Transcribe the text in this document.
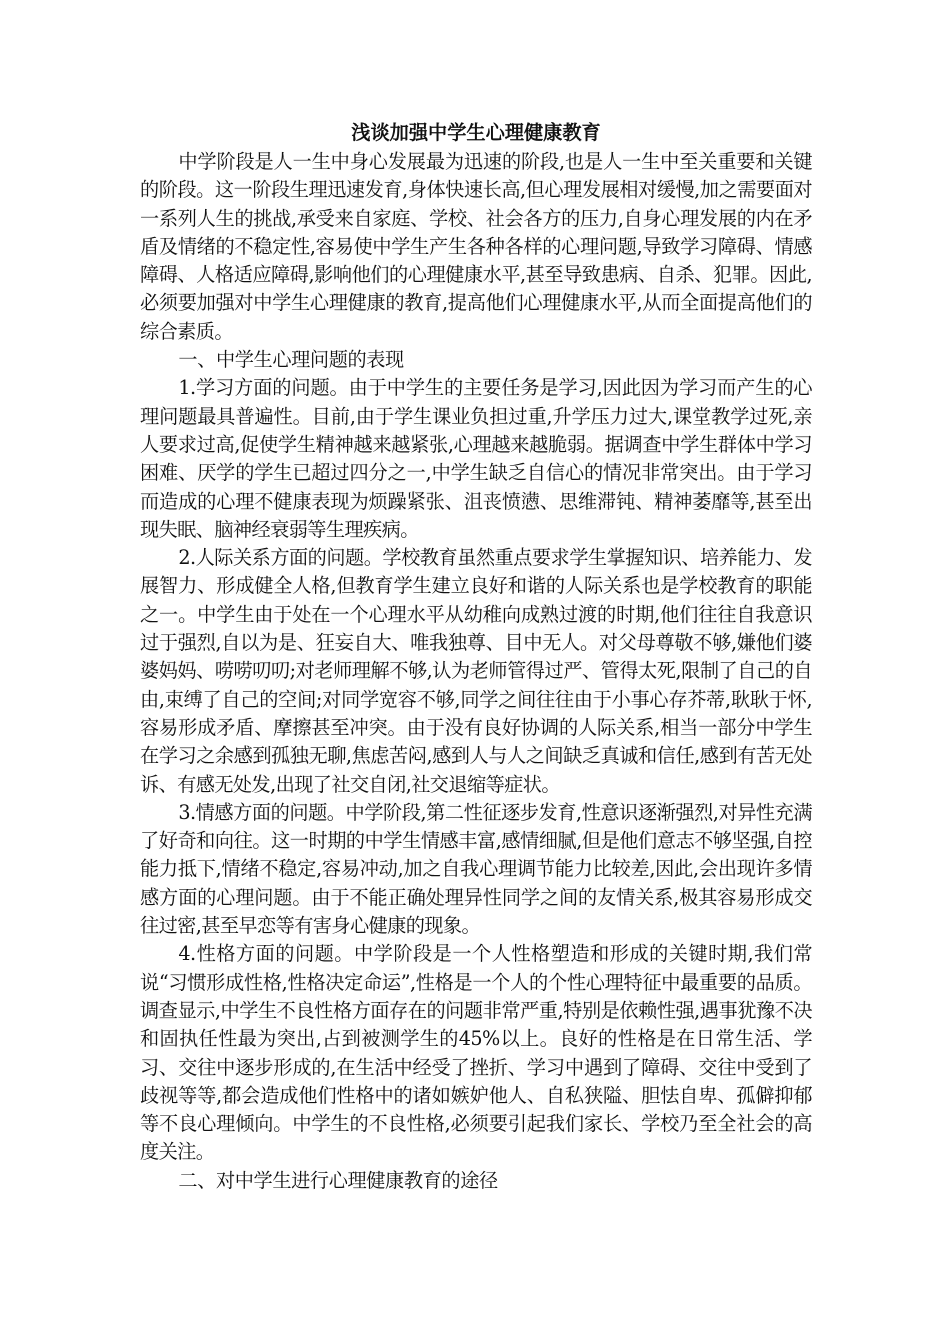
浅谈加强中学生心理健康教育

中学阶段是人一生中身心发展最为迅速的阶段,也是人一生中至关重要和关键的阶段。这一阶段生理迅速发育,身体快速长高,但心理发展相对缓慢,加之需要面对一系列人生的挑战,承受来自家庭、学校、社会各方的压力,自身心理发展的内在矛盾及情绪的不稳定性,容易使中学生产生各种各样的心理问题,导致学习障碍、情感障碍、人格适应障碍,影响他们的心理健康水平,甚至导致患病、自杀、犯罪。因此,必须要加强对中学生心理健康的教育,提高他们心理健康水平,从而全面提高他们的综合素质。

一、中学生心理问题的表现

1.学习方面的问题。由于中学生的主要任务是学习,因此因为学习而产生的心理问题最具普遍性。目前,由于学生课业负担过重,升学压力过大,课堂教学过死,亲人要求过高,促使学生精神越来越紧张,心理越来越脆弱。据调查中学生群体中学习困难、厌学的学生已超过四分之一,中学生缺乏自信心的情况非常突出。由于学习而造成的心理不健康表现为烦躁紧张、沮丧愤懑、思维滞钝、精神萎靡等,甚至出现失眠、脑神经衰弱等生理疾病。

2.人际关系方面的问题。学校教育虽然重点要求学生掌握知识、培养能力、发展智力、形成健全人格,但教育学生建立良好和谐的人际关系也是学校教育的职能之一。中学生由于处在一个心理水平从幼稚向成熟过渡的时期,他们往往自我意识过于强烈,自以为是、狂妄自大、唯我独尊、目中无人。对父母尊敬不够,嫌他们婆婆妈妈、唠唠叨叨;对老师理解不够,认为老师管得过严、管得太死,限制了自己的自由,束缚了自己的空间;对同学宽容不够,同学之间往往由于小事心存芥蒂,耿耿于怀,容易形成矛盾、摩擦甚至冲突。由于没有良好协调的人际关系,相当一部分中学生在学习之余感到孤独无聊,焦虑苦闷,感到人与人之间缺乏真诚和信任,感到有苦无处诉、有感无处发,出现了社交自闭,社交退缩等症状。

3.情感方面的问题。中学阶段,第二性征逐步发育,性意识逐渐强烈,对异性充满了好奇和向往。这一时期的中学生情感丰富,感情细腻,但是他们意志不够坚强,自控能力抵下,情绪不稳定,容易冲动,加之自我心理调节能力比较差,因此,会出现许多情感方面的心理问题。由于不能正确处理异性同学之间的友情关系,极其容易形成交往过密,甚至早恋等有害身心健康的现象。

4.性格方面的问题。中学阶段是一个人性格塑造和形成的关键时期,我们常说“习惯形成性格,性格决定命运”,性格是一个人的个性心理特征中最重要的品质。调查显示,中学生不良性格方面存在的问题非常严重,特别是依赖性强,遇事犹豫不决和固执任性最为突出,占到被测学生的45%以上。良好的性格是在日常生活、学习、交往中逐步形成的,在生活中经受了挫折、学习中遇到了障碍、交往中受到了歧视等等,都会造成他们性格中的诸如嫉妒他人、自私狭隘、胆怯自卑、孤僻抑郁等不良心理倾向。中学生的不良性格,必须要引起我们家长、学校乃至全社会的高度关注。

二、对中学生进行心理健康教育的途径
